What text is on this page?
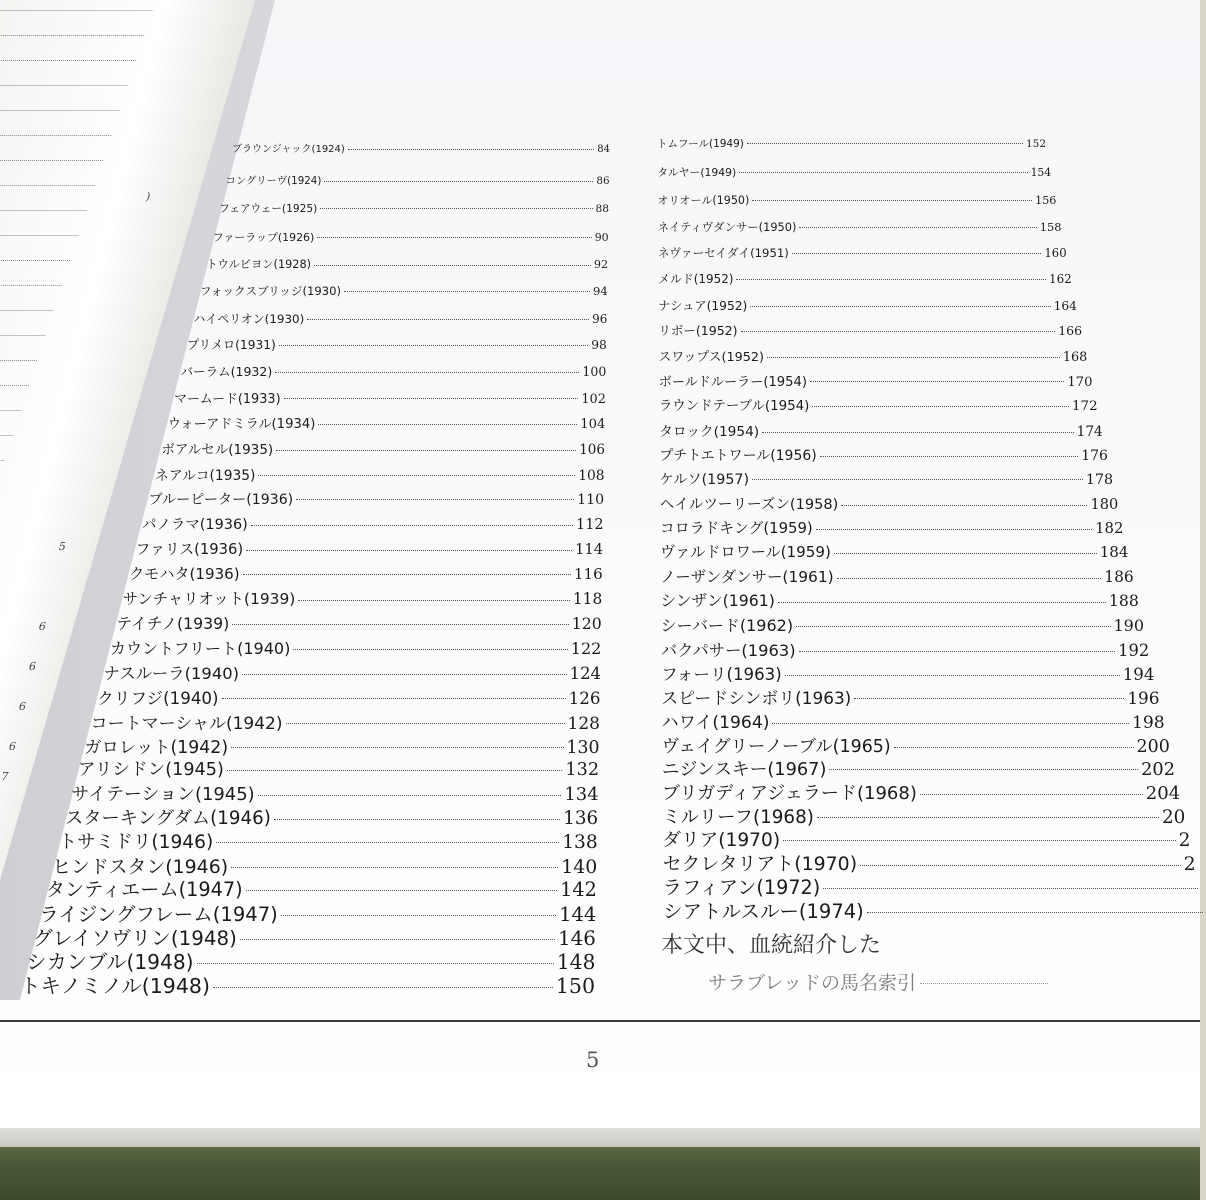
)
5
6
6
6
6
7
ブラウンジャック(1924)	84
コングリーヴ(1924)	86
フェアウェー(1925)	88
ファーラップ(1926)	90
トウルビヨン(1928)	92
フォックスブリッジ(1930)	94
ハイペリオン(1930)	96
プリメロ(1931)	98
バーラム(1932)	100
マームード(1933)	102
ウォーアドミラル(1934)	104
ボアルセル(1935)	106
ネアルコ(1935)	108
ブルーピーター(1936)	110
パノラマ(1936)	112
ファリス(1936)	114
クモハタ(1936)	116
サンチャリオット(1939)	118
テイチノ(1939)	120
カウントフリート(1940)	122
ナスルーラ(1940)	124
クリフジ(1940)	126
コートマーシャル(1942)	128
ガロレット(1942)	130
アリシドン(1945)	132
サイテーション(1945)	134
スターキングダム(1946)	136
トサミドリ(1946)	138
ヒンドスタン(1946)	140
タンティエーム(1947)	142
ライジングフレーム(1947)	144
グレイソヴリン(1948)	146
シカンブル(1948)	148
トキノミノル(1948)	150
トムフール(1949)	152
タルヤー(1949)	154
オリオール(1950)	156
ネイティヴダンサー(1950)	158
ネヴァーセイダイ(1951)	160
メルド(1952)	162
ナシュア(1952)	164
リボー(1952)	166
スワップス(1952)	168
ボールドルーラー(1954)	170
ラウンドテーブル(1954)	172
タロック(1954)	174
プチトエトワール(1956)	176
ケルソ(1957)	178
ヘイルツーリーズン(1958)	180
コロラドキング(1959)	182
ヴァルドロワール(1959)	184
ノーザンダンサー(1961)	186
シンザン(1961)	188
シーバード(1962)	190
バクパサー(1963)	192
フォーリ(1963)	194
スピードシンボリ(1963)	196
ハワイ(1964)	198
ヴェイグリーノーブル(1965)	200
ニジンスキー(1967)	202
ブリガディアジェラード(1968)	204
ミルリーフ(1968)	20
ダリア(1970)	2
セクレタリアト(1970)	2
ラフィアン(1972)
シアトルスルー(1974)
本文中、血統紹介した
サラブレッドの馬名索引
5
